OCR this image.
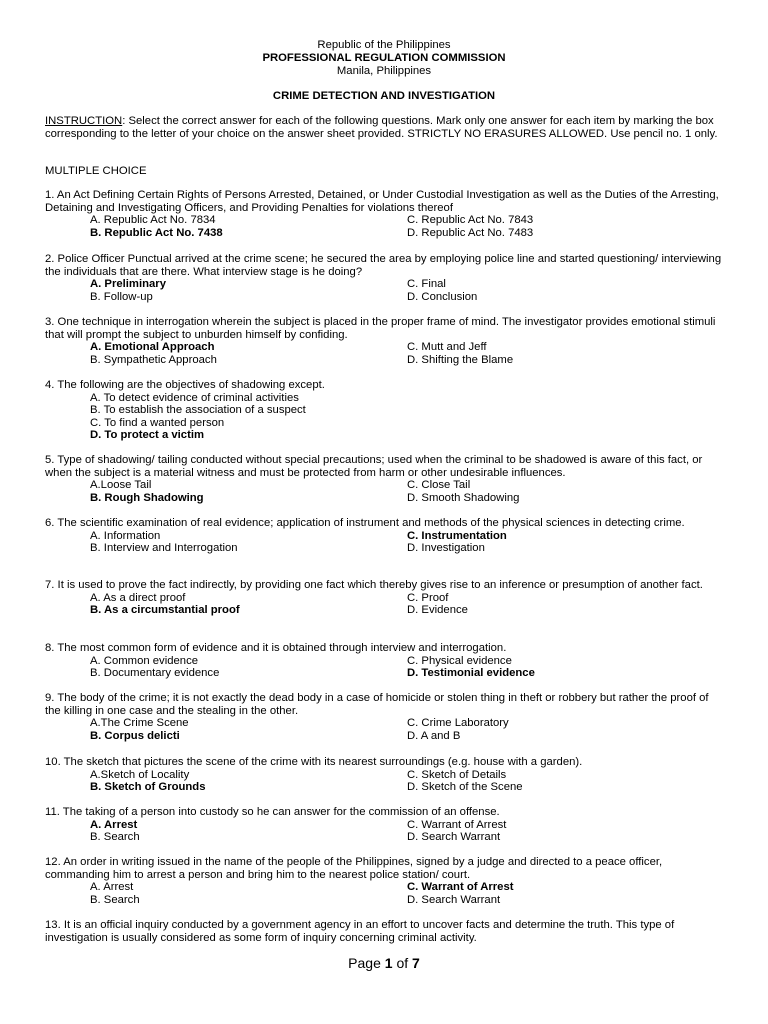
Republic of the Philippines
PROFESSIONAL REGULATION COMMISSION
Manila, Philippines
CRIME DETECTION AND INVESTIGATION
INSTRUCTION: Select the correct answer for each of the following questions. Mark only one answer for each item by marking the box corresponding to the letter of your choice on the answer sheet provided. STRICTLY NO ERASURES ALLOWED. Use pencil no. 1 only.
MULTIPLE CHOICE
1. An Act Defining Certain Rights of Persons Arrested, Detained, or Under Custodial Investigation as well as the Duties of the Arresting, Detaining and Investigating Officers, and Providing Penalties for violations thereof
A. Republic Act No. 7834	C. Republic Act No. 7843
B. Republic Act No. 7438	D. Republic Act No. 7483
2. Police Officer Punctual arrived at the crime scene; he secured the area by employing police line and started questioning/ interviewing the individuals that are there. What interview stage is he doing?
A. Preliminary	C. Final
B. Follow-up	D. Conclusion
3. One technique in interrogation wherein the subject is placed in the proper frame of mind. The investigator provides emotional stimuli that will prompt the subject to unburden himself by confiding.
A. Emotional Approach	C. Mutt and Jeff
B. Sympathetic Approach	D. Shifting the Blame
4. The following are the objectives of shadowing except.
A. To detect evidence of criminal activities
B. To establish the association of a suspect
C. To find a wanted person
D. To protect a victim
5. Type of shadowing/ tailing conducted without special precautions; used when the criminal to be shadowed is aware of this fact, or when the subject is a material witness and must be protected from harm or other undesirable influences.
A.Loose Tail	C. Close Tail
B. Rough Shadowing	D. Smooth Shadowing
6. The scientific examination of real evidence; application of instrument and methods of the physical sciences in detecting crime.
A. Information	C. Instrumentation
B. Interview and Interrogation	D. Investigation
7. It is used to prove the fact indirectly, by providing one fact which thereby gives rise to an inference or presumption of another fact.
A. As a direct proof	C. Proof
B. As a circumstantial proof	D. Evidence
8. The most common form of evidence and it is obtained through interview and interrogation.
A. Common evidence	C. Physical evidence
B. Documentary evidence	D. Testimonial evidence
9. The body of the crime; it is not exactly the dead body in a case of homicide or stolen thing in theft or robbery but rather the proof of the killing in one case and the stealing in the other.
A.The Crime Scene	C. Crime Laboratory
B. Corpus delicti	D. A and B
10. The sketch that pictures the scene of the crime with its nearest surroundings (e.g. house with a garden).
A.Sketch of Locality	C. Sketch of Details
B. Sketch of Grounds	D. Sketch of the Scene
11. The taking of a person into custody so he can answer for the commission of an offense.
A. Arrest	C. Warrant of Arrest
B. Search	D. Search Warrant
12. An order in writing issued in the name of the people of the Philippines, signed by a judge and directed to a peace officer, commanding him to arrest a person and bring him to the nearest police station/ court.
A. Arrest	C. Warrant of Arrest
B. Search	D. Search Warrant
13. It is an official inquiry conducted by a government agency in an effort to uncover facts and determine the truth. This type of investigation is usually considered as some form of inquiry concerning criminal activity.
Page 1 of 7
